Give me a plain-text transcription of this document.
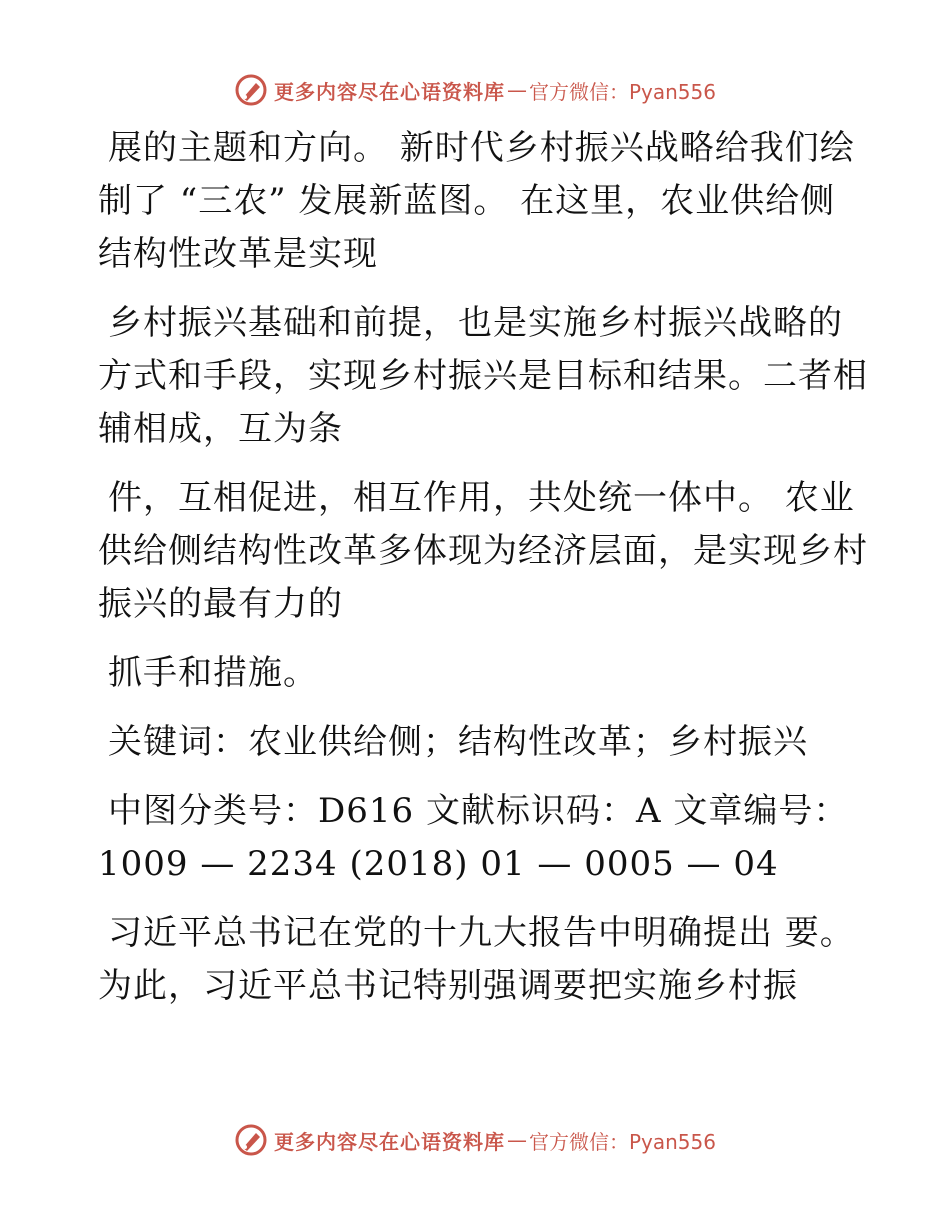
更多内容尽在心语资料库 — 官方微信：Pyan556

展的主题和方向。 新时代乡村振兴战略给我们绘
制了 “三农” 发展新蓝图。 在这里，农业供给侧
结构性改革是实现

乡村振兴基础和前提，也是实施乡村振兴战略的
方式和手段，实现乡村振兴是目标和结果。二者相
辅相成，互为条

件，互相促进，相互作用，共处统一体中。 农业
供给侧结构性改革多体现为经济层面，是实现乡村
振兴的最有力的

抓手和措施。

关键词：农业供给侧；结构性改革；乡村振兴

中图分类号：D616 文献标识码：A 文章编号：
1009 — 2234 (2018) 01 — 0005 — 04

习近平总书记在党的十九大报告中明确提出 要。
为此，习近平总书记特别强调要把实施乡村振

更多内容尽在心语资料库 — 官方微信：Pyan556
